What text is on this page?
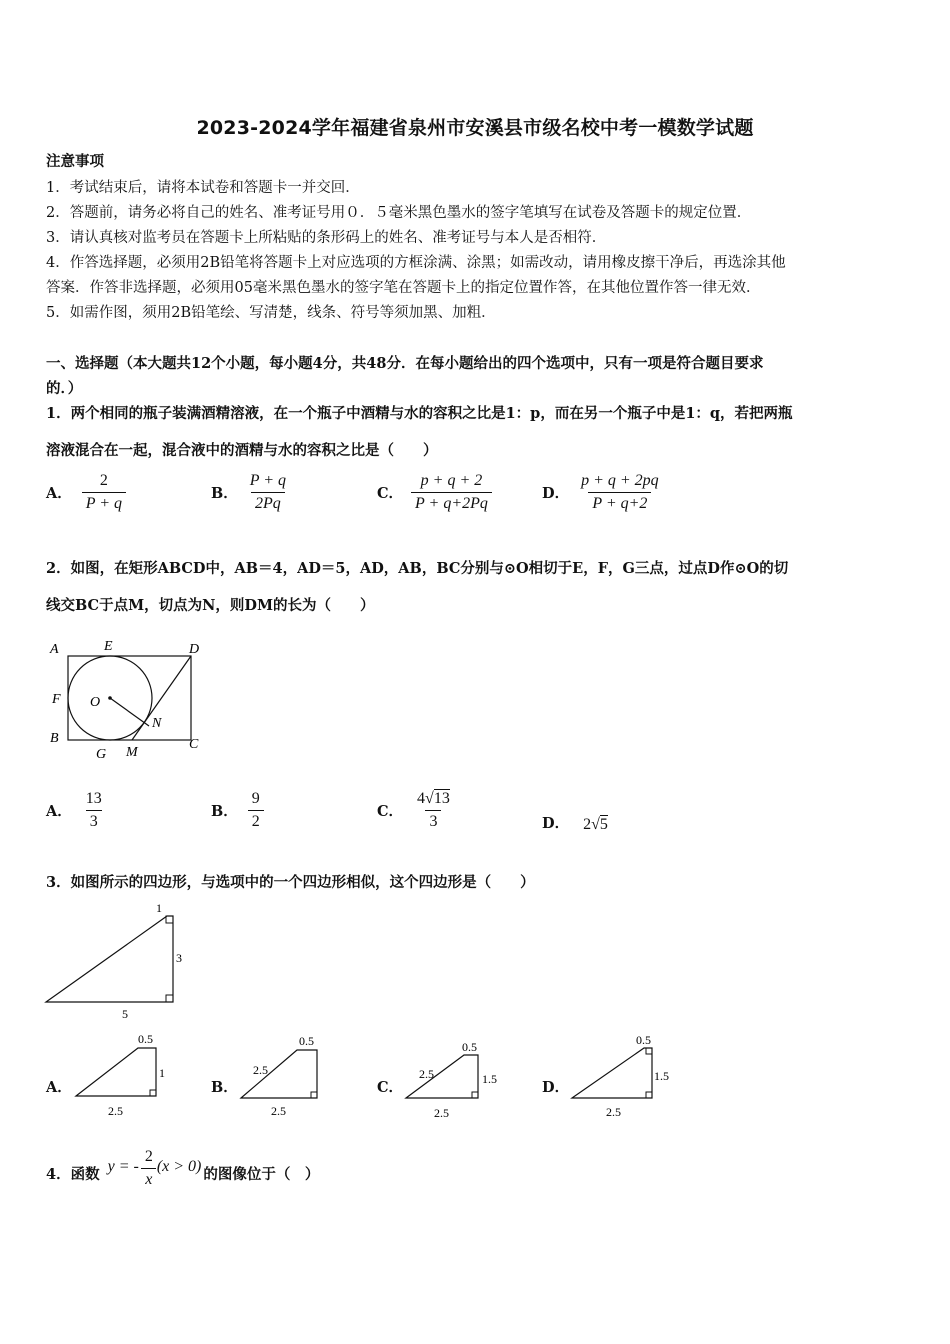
2023-2024学年福建省泉州市安溪县市级名校中考一模数学试题
注意事项
1．考试结束后，请将本试卷和答题卡一并交回．
2．答题前，请务必将自己的姓名、准考证号用０．５毫米黑色墨水的签字笔填写在试卷及答题卡的规定位置．
3．请认真核对监考员在答题卡上所粘贴的条形码上的姓名、准考证号与本人是否相符．
4．作答选择题，必须用2B铅笔将答题卡上对应选项的方框涂满、涂黑；如需改动，请用橡皮擦干净后，再选涂其他
答案．作答非选择题，必须用05毫米黑色墨水的签字笔在答题卡上的指定位置作答，在其他位置作答一律无效．
5．如需作图，须用2B铅笔绘、写清楚，线条、符号等须加黑、加粗．
一、选择题（本大题共12个小题，每小题4分，共48分．在每小题给出的四个选项中，只有一项是符合题目要求
的．）
1．两个相同的瓶子装满酒精溶液，在一个瓶子中酒精与水的容积之比是1：p，而在另一个瓶子中是1：q，若把两瓶
溶液混合在一起，混合液中的酒精与水的容积之比是（　　）
A． $\frac{2}{P + q}$	B． $\frac{P + q}{2Pq}$	C． $\frac{p + q + 2}{P + q+2Pq}$	D． $\frac{p + q + 2pq}{P + q+2}$
2．如图，在矩形ABCD中，AB＝4，AD＝5，AD，AB，BC分别与⊙O相切于E，F，G三点，过点D作⊙O的切
线交BC于点M，切点为N，则DM的长为（　　）
A	E	D
F O
N
B
G M
C
A． $\frac{13}{3}$	B． $\frac{9}{2}$	C． $\frac{4√13}{3}$	D． 2√5
3．如图所示的四边形，与选项中的一个四边形相似，这个四边形是（　　）
1
3
5
A．
0.5
1
2.5
B．
0.5
2.5
2.5
C．
0.5
2.5	1.5
2.5
D．
0.5
1.5
2.5
4．函数 y = - $\frac{2}{x} (x > 0)$ 的图像位于（　）
